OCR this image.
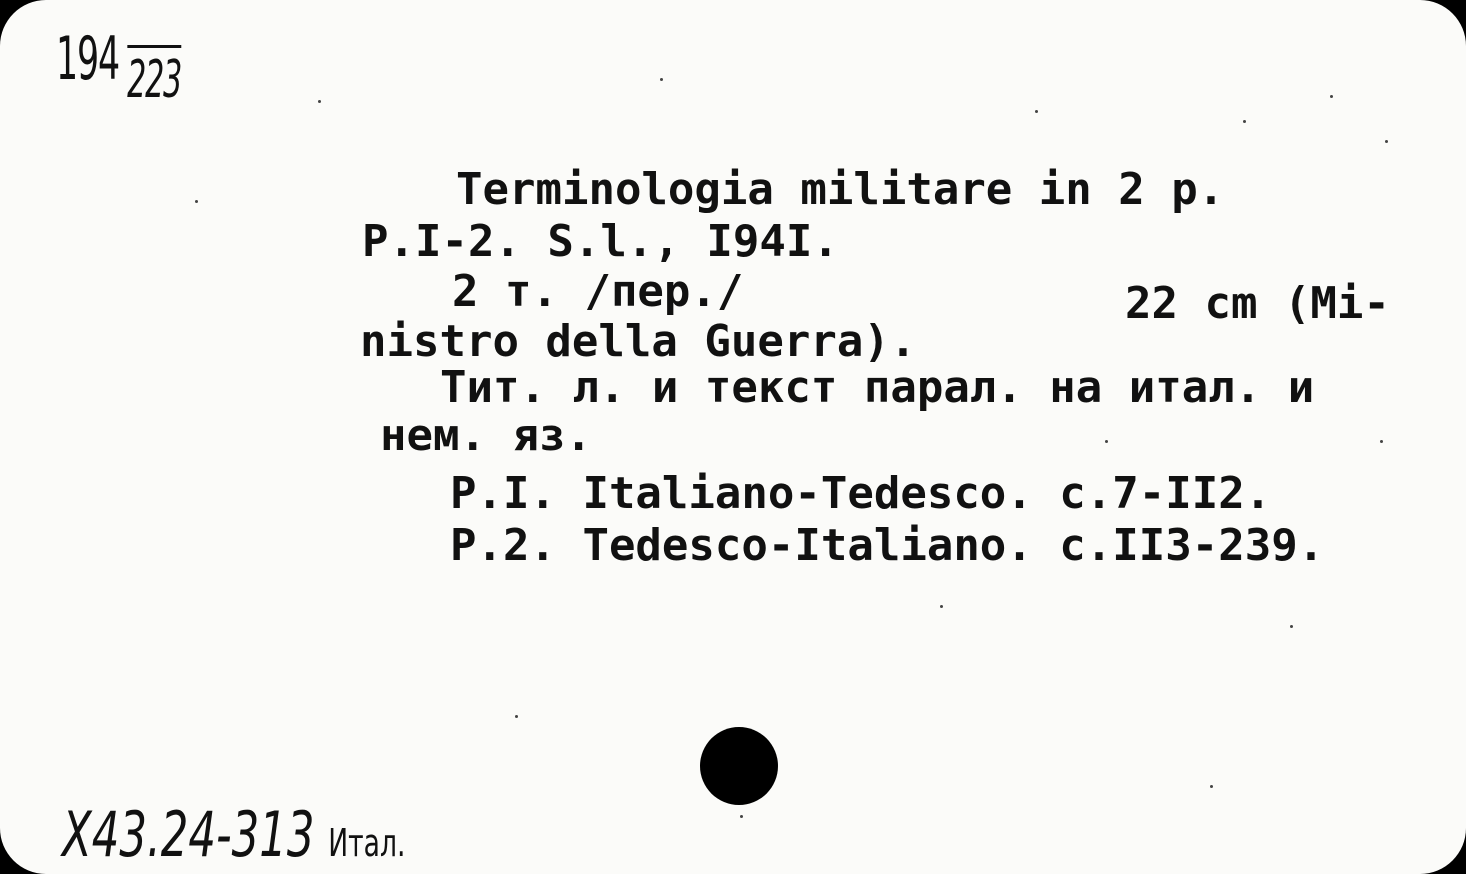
194 223
Terminologia militare in 2 p.
P.I-2. S.l., I94I.
2 т. /пер./	22 cm (Mi-
nistro della Guerra).
Тит. л. и текст парал. на итал. и
нем. яз.
P.I. Italiano-Tedesco. c.7-II2.
P.2. Tedesco-Italiano. c.II3-239.
Х43.24-313 Итал.
